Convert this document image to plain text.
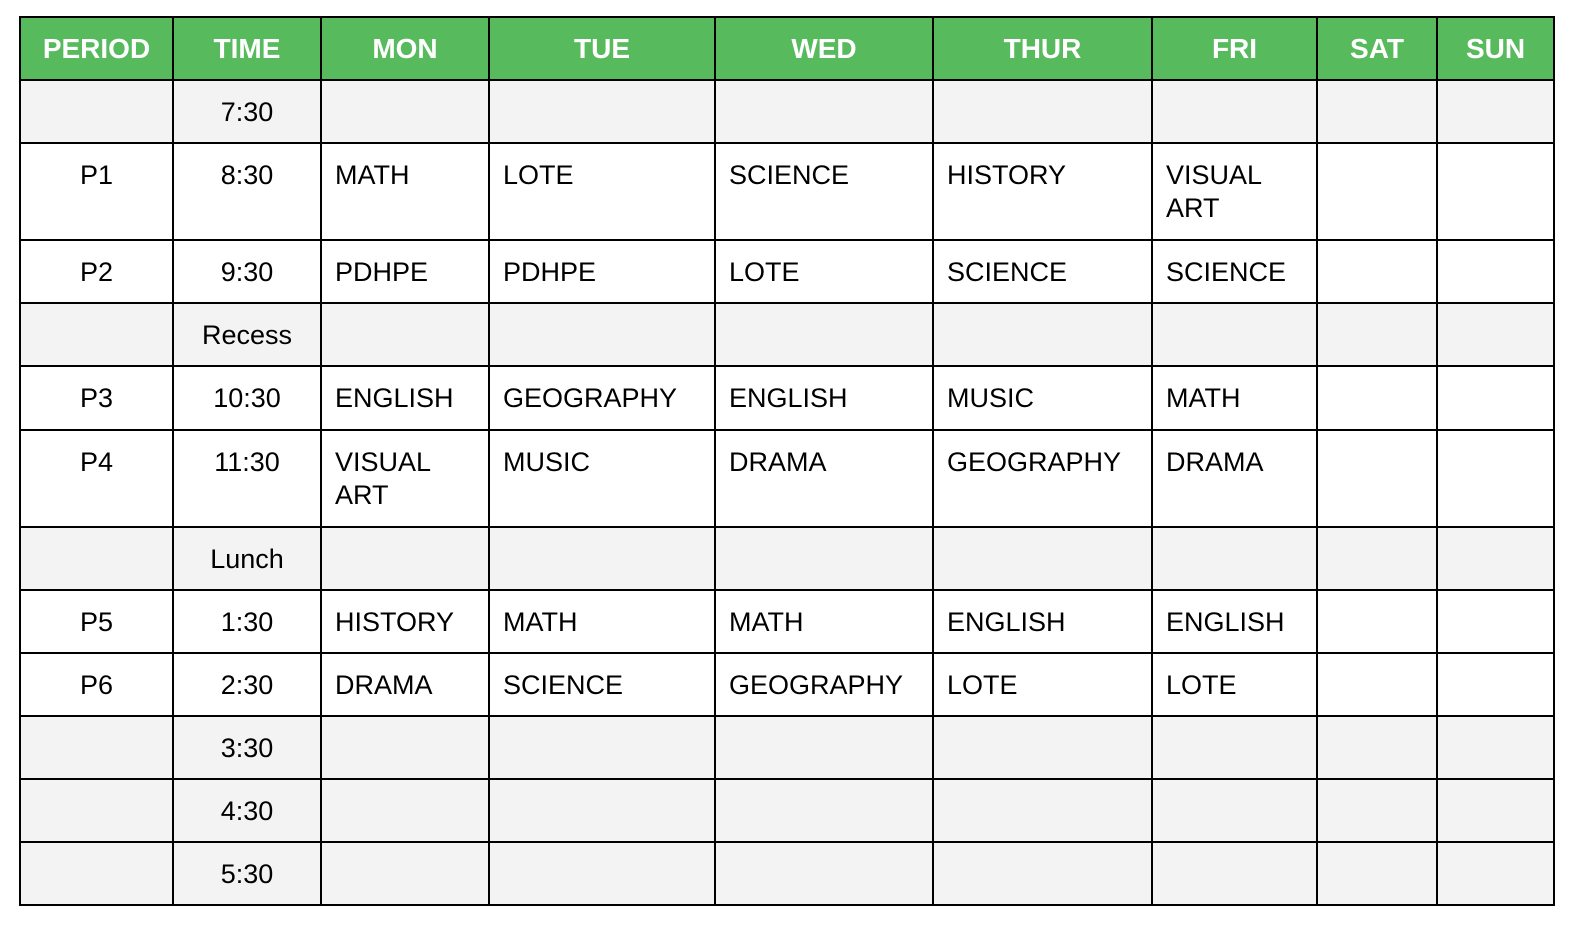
PERIOD	TIME	MON	TUE	WED	THUR	FRI	SAT	SUN
	7:30							
P1	8:30	MATH	LOTE	SCIENCE	HISTORY	VISUAL ART		
P2	9:30	PDHPE	PDHPE	LOTE	SCIENCE	SCIENCE		
	Recess							
P3	10:30	ENGLISH	GEOGRAPHY	ENGLISH	MUSIC	MATH		
P4	11:30	VISUAL ART	MUSIC	DRAMA	GEOGRAPHY	DRAMA		
	Lunch							
P5	1:30	HISTORY	MATH	MATH	ENGLISH	ENGLISH		
P6	2:30	DRAMA	SCIENCE	GEOGRAPHY	LOTE	LOTE		
	3:30							
	4:30							
	5:30							
